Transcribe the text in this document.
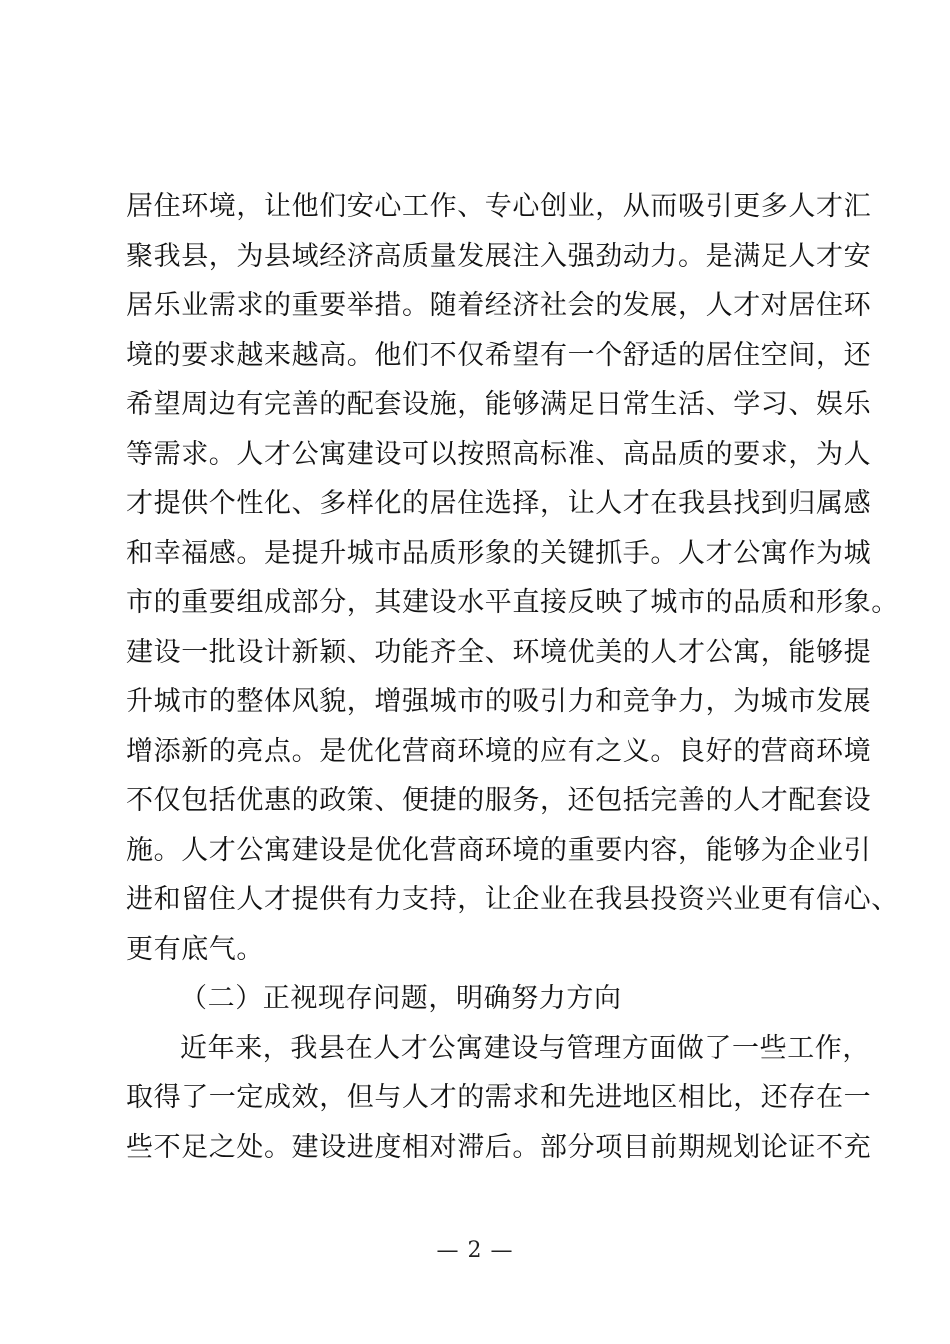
居住环境，让他们安心工作、专心创业，从而吸引更多人才汇
聚我县，为县域经济高质量发展注入强劲动力。是满足人才安
居乐业需求的重要举措。随着经济社会的发展，人才对居住环
境的要求越来越高。他们不仅希望有一个舒适的居住空间，还
希望周边有完善的配套设施，能够满足日常生活、学习、娱乐
等需求。人才公寓建设可以按照高标准、高品质的要求，为人
才提供个性化、多样化的居住选择，让人才在我县找到归属感
和幸福感。是提升城市品质形象的关键抓手。人才公寓作为城
市的重要组成部分，其建设水平直接反映了城市的品质和形象。
建设一批设计新颖、功能齐全、环境优美的人才公寓，能够提
升城市的整体风貌，增强城市的吸引力和竞争力，为城市发展
增添新的亮点。是优化营商环境的应有之义。良好的营商环境
不仅包括优惠的政策、便捷的服务，还包括完善的人才配套设
施。人才公寓建设是优化营商环境的重要内容，能够为企业引
进和留住人才提供有力支持，让企业在我县投资兴业更有信心、
更有底气。
（二）正视现存问题，明确努力方向
近年来，我县在人才公寓建设与管理方面做了一些工作，
取得了一定成效，但与人才的需求和先进地区相比，还存在一
些不足之处。建设进度相对滞后。部分项目前期规划论证不充
— 2 —
